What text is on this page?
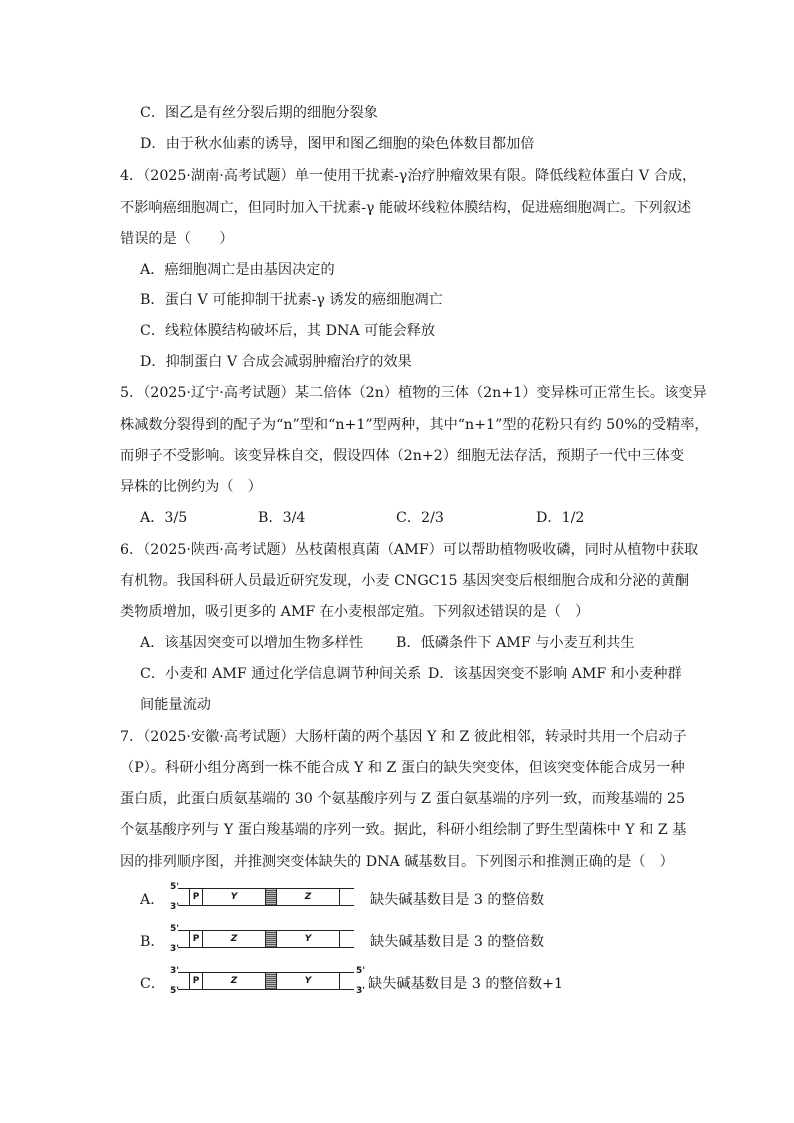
C．图乙是有丝分裂后期的细胞分裂象
D．由于秋水仙素的诱导，图甲和图乙细胞的染色体数目都加倍
4．（2025·湖南·高考试题）单一使用干扰素-γ治疗肿瘤效果有限。降低线粒体蛋白 V 合成，
不影响癌细胞凋亡，但同时加入干扰素-γ 能破坏线粒体膜结构，促进癌细胞凋亡。下列叙述
错误的是（　　）
A．癌细胞凋亡是由基因决定的
B．蛋白 V 可能抑制干扰素-γ 诱发的癌细胞凋亡
C．线粒体膜结构破坏后，其 DNA 可能会释放
D．抑制蛋白 V 合成会减弱肿瘤治疗的效果
5．（2025·辽宁·高考试题）某二倍体（2n）植物的三体（2n+1）变异株可正常生长。该变异
株减数分裂得到的配子为“n”型和“n+1”型两种，其中“n+1”型的花粉只有约 50%的受精率，
而卵子不受影响。该变异株自交，假设四体（2n+2）细胞无法存活，预期子一代中三体变
异株的比例约为（　）
A．3/5	B．3/4	C．2/3	D．1/2
6．（2025·陕西·高考试题）丛枝菌根真菌（AMF）可以帮助植物吸收磷，同时从植物中获取
有机物。我国科研人员最近研究发现，小麦 CNGC15 基因突变后根细胞合成和分泌的黄酮
类物质增加，吸引更多的 AMF 在小麦根部定殖。下列叙述错误的是（　）
A．该基因突变可以增加生物多样性 B．低磷条件下 AMF 与小麦互利共生
C．小麦和 AMF 通过化学信息调节种间关系 D．该基因突变不影响 AMF 和小麦种群
间能量流动
7．（2025·安徽·高考试题）大肠杆菌的两个基因 Y 和 Z 彼此相邻，转录时共用一个启动子
（P）。科研小组分离到一株不能合成 Y 和 Z 蛋白的缺失突变体，但该突变体能合成另一种
蛋白质，此蛋白质氨基端的 30 个氨基酸序列与 Z 蛋白氨基端的序列一致，而羧基端的 25
个氨基酸序列与 Y 蛋白羧基端的序列一致。据此，科研小组绘制了野生型菌株中 Y 和 Z 基
因的排列顺序图，并推测突变体缺失的 DNA 碱基数目。下列图示和推测正确的是（　）
A．
5'
3'
P	Y	Z	缺失碱基数目是 3 的整倍数
B．
5'
3'
P	Z	Y	缺失碱基数目是 3 的整倍数
C．
3'
5'
5'
3'
P	Z	Y	缺失碱基数目是 3 的整倍数+1
